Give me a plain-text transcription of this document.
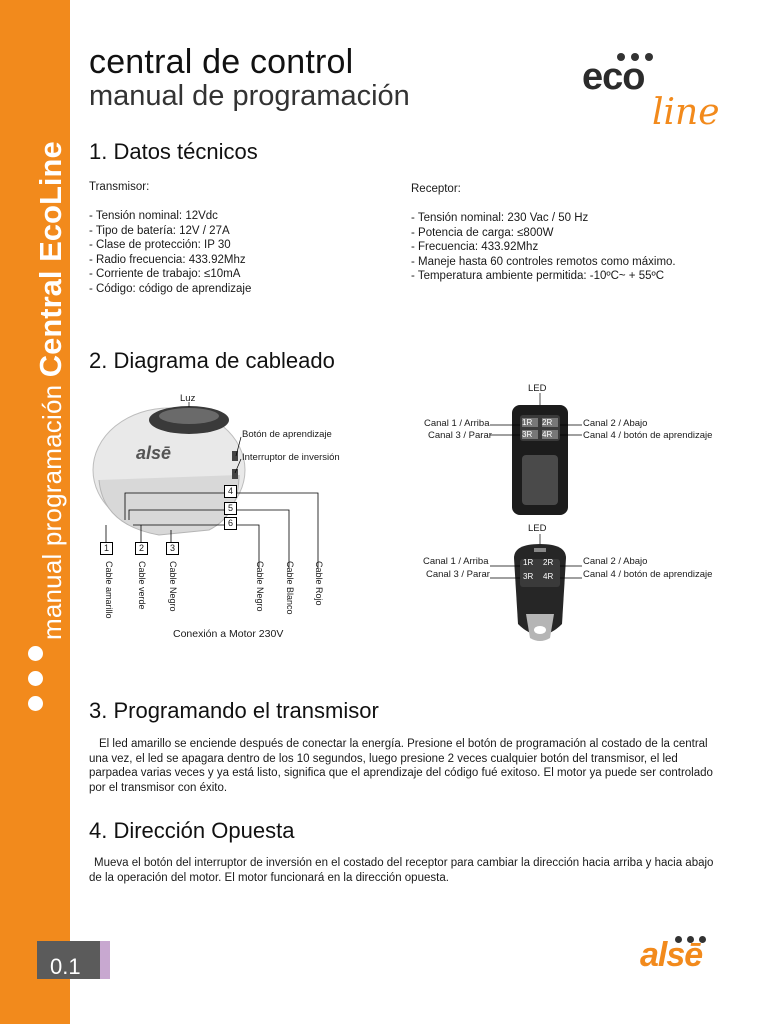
manual programación Central EcoLine
0.1
central de control
manual de programación	eco
line
1. Datos técnicos
Transmisor:

- Tensión nominal: 12Vdc
- Tipo de batería: 12V / 27A
- Clase de protección: IP 30
- Radio frecuencia: 433.92Mhz
- Corriente de trabajo: ≤10mA
- Código: código de aprendizaje
Receptor:

- Tensión nominal: 230 Vac / 50 Hz
- Potencia de carga: ≤800W
- Frecuencia: 433.92Mhz
- Maneje hasta 60 controles remotos como máximo.
- Temperatura ambiente permitida: -10ºC~ + 55ºC
2. Diagrama de cableado
Luz
alsē
Botón de aprendizaje
Interruptor de inversión
4
5
6
1	2	3
Cable amarillo	Cable verde Cable Negro	Cable Negro Cable Blanco Cable Rojo
Conexión a Motor 230V
LED
Canal 1 / Arriba
Canal 3 / Parar
Canal 2 / Abajo
Canal 4 / botón de aprendizaje
LED
Canal 1 / Arriba
Canal 3 / Parar
Canal 2 / Abajo
Canal 4 / botón de aprendizaje
1R 2R
3R 4R
1R 2R
3R 4R
3. Programando el transmisor
El led amarillo se enciende después de conectar la energía. Presione el botón de programación al costado de la central una vez, el led se apagara dentro de los 10 segundos, luego presione 2 veces cualquier botón del transmisor, el led parpadea varias veces y ya está listo, significa que el aprendizaje del código fué exitoso. El motor ya puede ser controlado por el transmisor con éxito.
4. Dirección Opuesta
Mueva el botón del interruptor de inversión en el costado del receptor para cambiar la dirección hacia arriba y hacia abajo de la operación del motor. El motor funcionará en la dirección opuesta.
alsē
